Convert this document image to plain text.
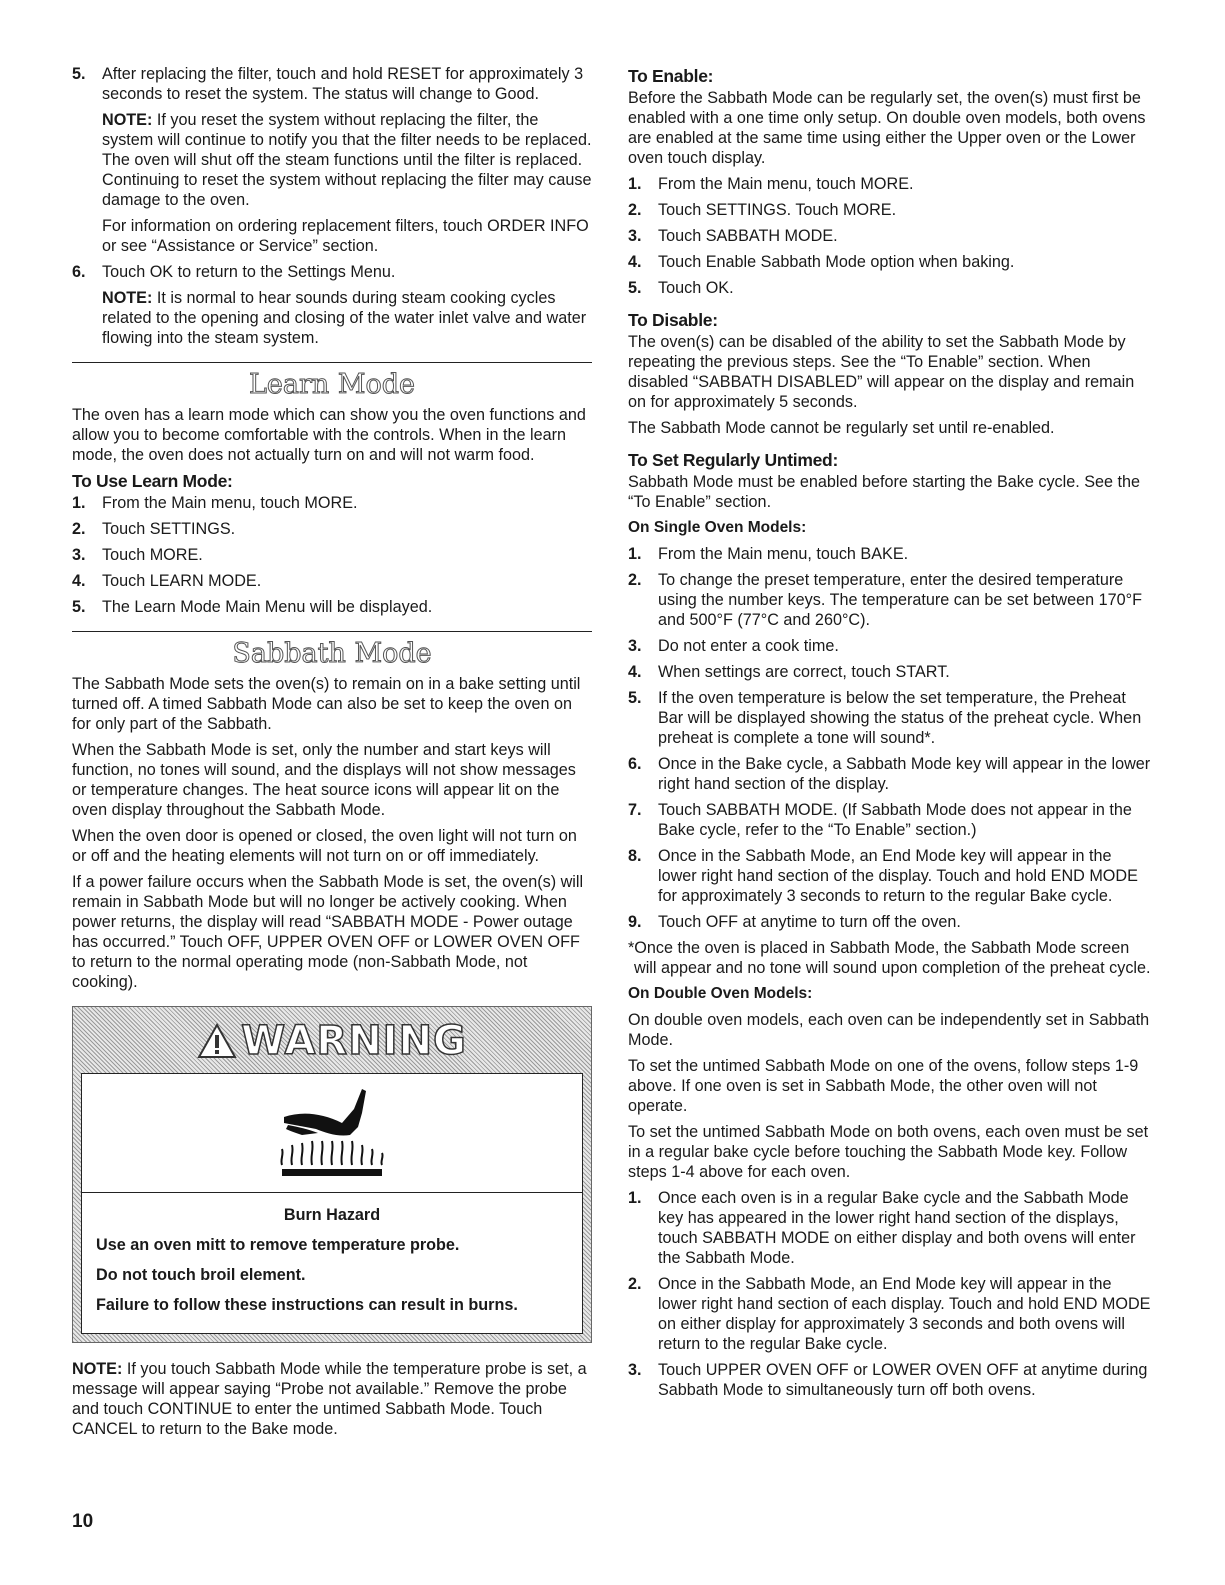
5. After replacing the filter, touch and hold RESET for approximately 3 seconds to reset the system. The status will change to Good.

NOTE: If you reset the system without replacing the filter, the system will continue to notify you that the filter needs to be replaced. The oven will shut off the steam functions until the filter is replaced. Continuing to reset the system without replacing the filter may cause damage to the oven.

For information on ordering replacement filters, touch ORDER INFO or see “Assistance or Service” section.

6. Touch OK to return to the Settings Menu.

NOTE: It is normal to hear sounds during steam cooking cycles related to the opening and closing of the water inlet valve and water flowing into the steam system.

Learn Mode

The oven has a learn mode which can show you the oven functions and allow you to become comfortable with the controls. When in the learn mode, the oven does not actually turn on and will not warm food.

To Use Learn Mode:
1. From the Main menu, touch MORE.
2. Touch SETTINGS.
3. Touch MORE.
4. Touch LEARN MODE.
5. The Learn Mode Main Menu will be displayed.
Sabbath Mode

The Sabbath Mode sets the oven(s) to remain on in a bake setting until turned off. A timed Sabbath Mode can also be set to keep the oven on for only part of the Sabbath.

When the Sabbath Mode is set, only the number and start keys will function, no tones will sound, and the displays will not show messages or temperature changes. The heat source icons will appear lit on the oven display throughout the Sabbath Mode.

When the oven door is opened or closed, the oven light will not turn on or off and the heating elements will not turn on or off immediately.

If a power failure occurs when the Sabbath Mode is set, the oven(s) will remain in Sabbath Mode but will no longer be actively cooking. When power returns, the display will read “SABBATH MODE - Power outage has occurred.” Touch OFF, UPPER OVEN OFF or LOWER OVEN OFF to return to the normal operating mode (non-Sabbath Mode, not cooking).

WARNING

Burn Hazard

Use an oven mitt to remove temperature probe.

Do not touch broil element.

Failure to follow these instructions can result in burns.

NOTE: If you touch Sabbath Mode while the temperature probe is set, a message will appear saying “Probe not available.” Remove the probe and touch CONTINUE to enter the untimed Sabbath Mode. Touch CANCEL to return to the Bake mode.

To Enable:

Before the Sabbath Mode can be regularly set, the oven(s) must first be enabled with a one time only setup. On double oven models, both ovens are enabled at the same time using either the Upper oven or the Lower oven touch display.

1. From the Main menu, touch MORE.
2. Touch SETTINGS. Touch MORE.
3. Touch SABBATH MODE.
4. Touch Enable Sabbath Mode option when baking.
5. Touch OK.
To Disable:

The oven(s) can be disabled of the ability to set the Sabbath Mode by repeating the previous steps. See the “To Enable” section. When disabled “SABBATH DISABLED” will appear on the display and remain on for approximately 5 seconds.

The Sabbath Mode cannot be regularly set until re-enabled.

To Set Regularly Untimed:

Sabbath Mode must be enabled before starting the Bake cycle. See the “To Enable” section.

On Single Oven Models:
1. From the Main menu, touch BAKE.
2. To change the preset temperature, enter the desired temperature using the number keys. The temperature can be set between 170°F and 500°F (77°C and 260°C).
3. Do not enter a cook time.
4. When settings are correct, touch START.
5. If the oven temperature is below the set temperature, the Preheat Bar will be displayed showing the status of the preheat cycle. When preheat is complete a tone will sound*.
6. Once in the Bake cycle, a Sabbath Mode key will appear in the lower right hand section of the display.
7. Touch SABBATH MODE. (If Sabbath Mode does not appear in the Bake cycle, refer to the “To Enable” section.)
8. Once in the Sabbath Mode, an End Mode key will appear in the lower right hand section of the display. Touch and hold END MODE for approximately 3 seconds to return to the regular Bake cycle.
9. Touch OFF at anytime to turn off the oven.

*Once the oven is placed in Sabbath Mode, the Sabbath Mode screen will appear and no tone will sound upon completion of the preheat cycle.

On Double Oven Models:

On double oven models, each oven can be independently set in Sabbath Mode.

To set the untimed Sabbath Mode on one of the ovens, follow steps 1-9 above. If one oven is set in Sabbath Mode, the other oven will not operate.

To set the untimed Sabbath Mode on both ovens, each oven must be set in a regular bake cycle before touching the Sabbath Mode key. Follow steps 1-4 above for each oven.

1. Once each oven is in a regular Bake cycle and the Sabbath Mode key has appeared in the lower right hand section of the displays, touch SABBATH MODE on either display and both ovens will enter the Sabbath Mode.
2. Once in the Sabbath Mode, an End Mode key will appear in the lower right hand section of each display. Touch and hold END MODE on either display for approximately 3 seconds and both ovens will return to the regular Bake cycle.
3. Touch UPPER OVEN OFF or LOWER OVEN OFF at anytime during Sabbath Mode to simultaneously turn off both ovens.
10
